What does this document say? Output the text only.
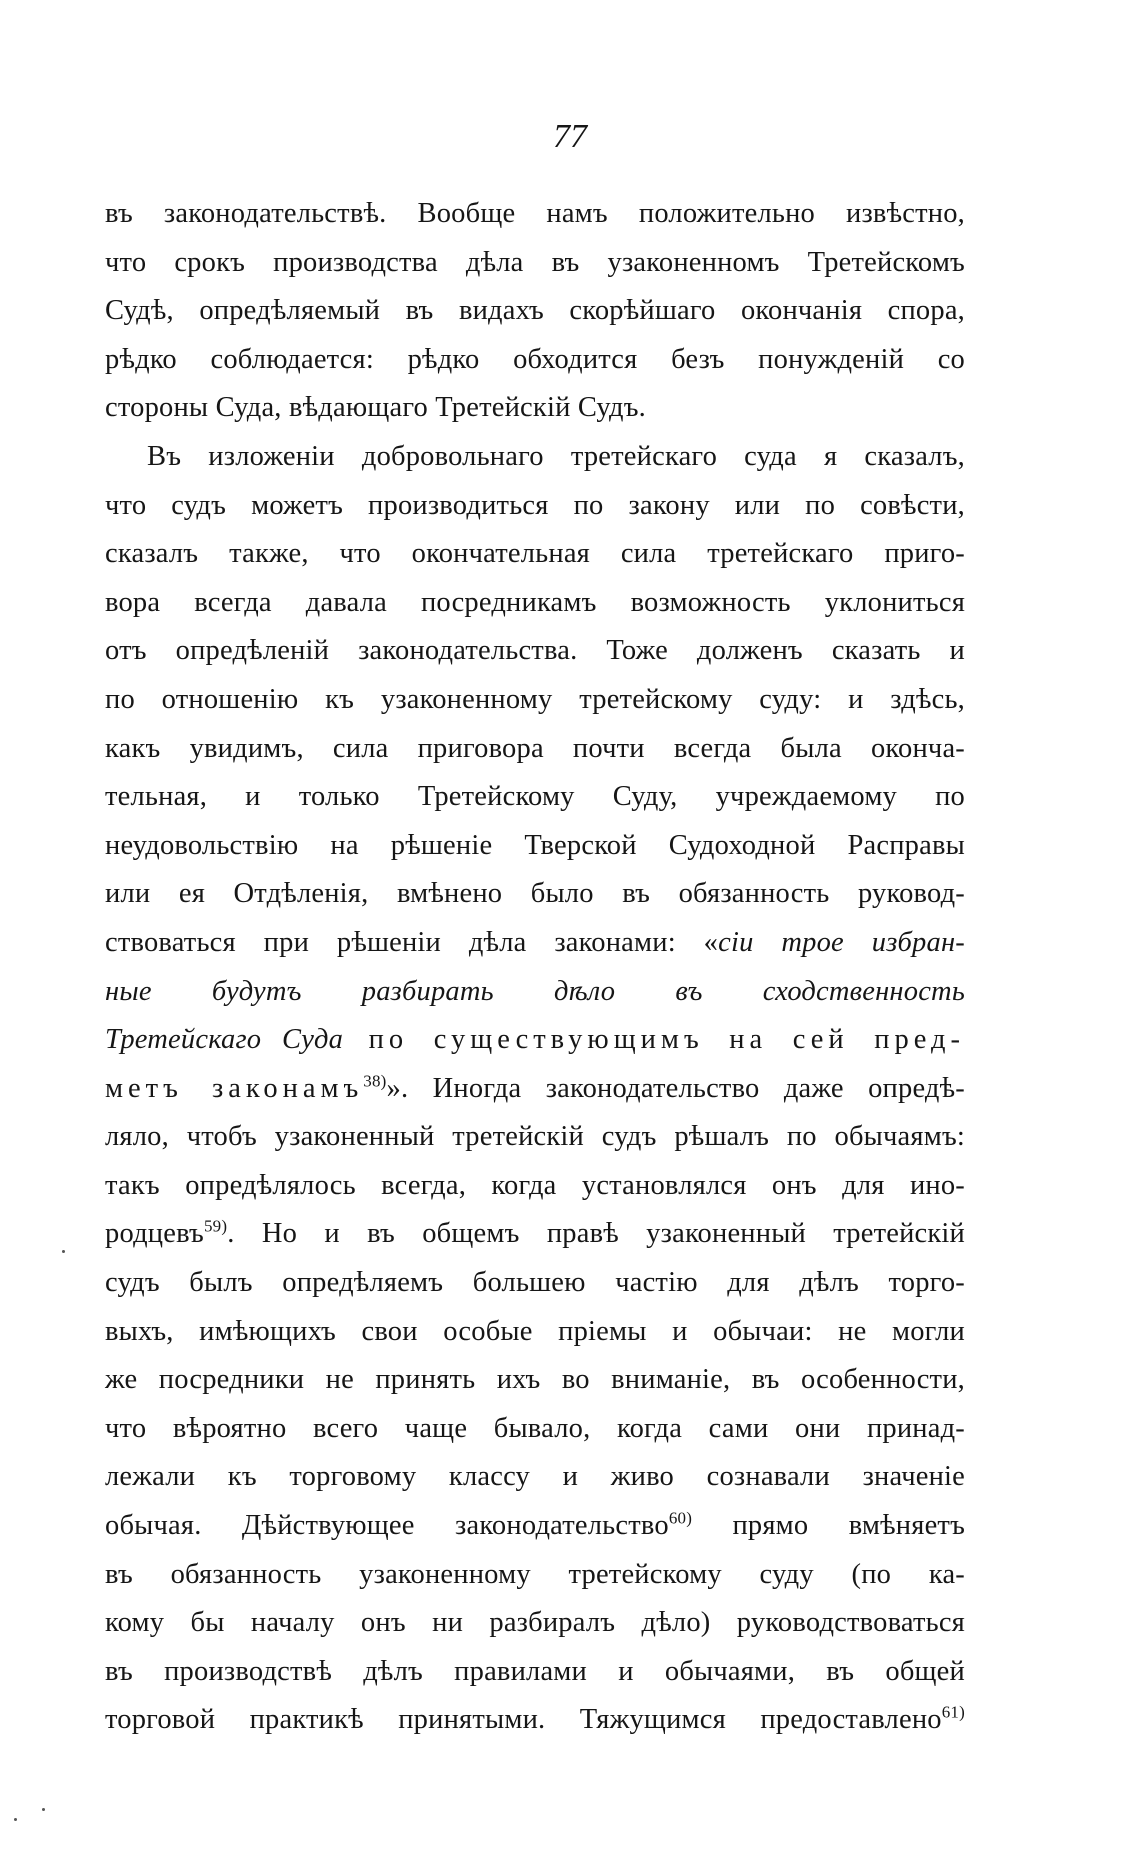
77
въ законодательствѣ. Вообще намъ положительно извѣстно,
что срокъ производства дѣла въ узаконенномъ Третейскомъ
Судѣ, опредѣляемый въ видахъ скорѣйшаго окончанія спора,
рѣдко соблюдается: рѣдко обходится безъ понужденій со
стороны Суда, вѣдающаго Третейскій Судъ.
Въ изложеніи добровольнаго третейскаго суда я сказалъ,
что судъ можетъ производиться по закону или по совѣсти,
сказалъ также, что окончательная сила третейскаго приго-
вора всегда давала посредникамъ возможность уклониться
отъ опредѣленій законодательства. Тоже долженъ сказать и
по отношенію къ узаконенному третейскому суду: и здѣсь,
какъ увидимъ, сила приговора почти всегда была оконча-
тельная, и только Третейскому Суду, учреждаемому по
неудовольствію на рѣшеніе Тверской Судоходной Расправы
или ея Отдѣленія, вмѣнено было въ обязанность руковод-
ствоваться при рѣшеніи дѣла законами: «сіи трое избран-
ные будутъ разбирать дѣло въ сходственность
Третейскаго Суда по существующимъ на сей пред-
метъ законамъ$^{38)}$». Иногда законодательство даже опредѣ-
ляло, чтобъ узаконенный третейскій судъ рѣшалъ по обычаямъ:
такъ опредѣлялось всегда, когда установлялся онъ для ино-
родцевъ$^{59)}$. Но и въ общемъ правѣ узаконенный третейскій
судъ былъ опредѣляемъ большею частію для дѣлъ торго-
выхъ, имѣющихъ свои особые пріемы и обычаи: не могли
же посредники не принять ихъ во вниманіе, въ особенности,
что вѣроятно всего чаще бывало, когда сами они принад-
лежали къ торговому классу и живо сознавали значеніе
обычая. Дѣйствующее законодательство$^{60)}$ прямо вмѣняетъ
въ обязанность узаконенному третейскому суду (по ка-
кому бы началу онъ ни разбиралъ дѣло) руководствоваться
въ производствѣ дѣлъ правилами и обычаями, въ общей
торговой практикѣ принятыми. Тяжущимся предоставлено$^{61)}$
